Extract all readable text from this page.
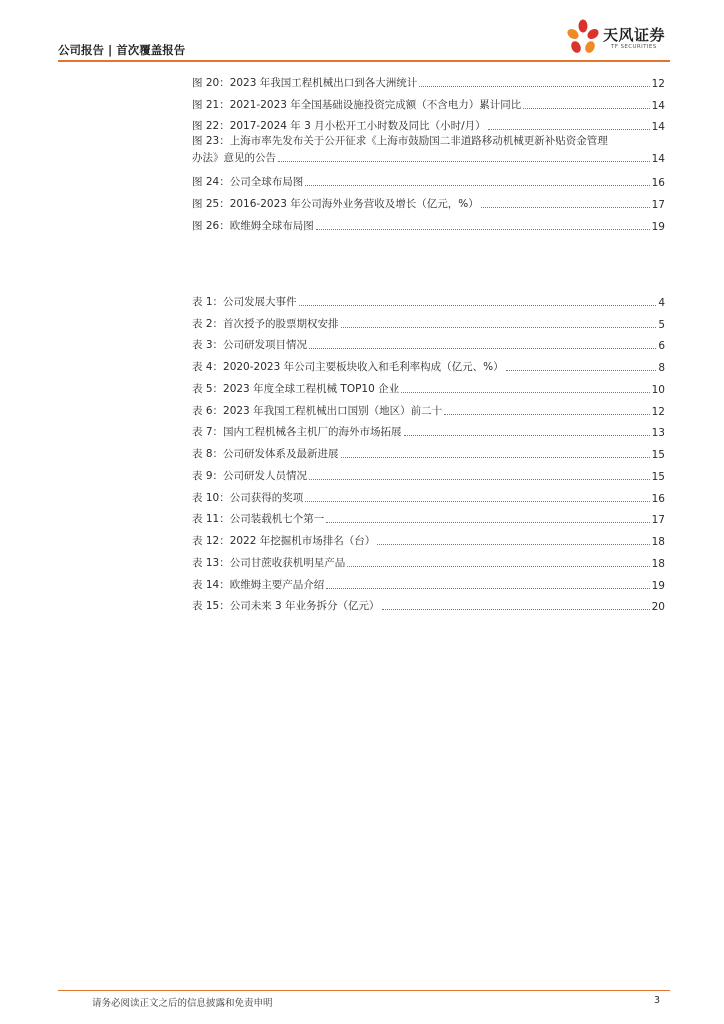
公司报告 | 首次覆盖报告
天风证券
TF SECURITIES
图 20：2023 年我国工程机械出口到各大洲统计	12
图 21：2021-2023 年全国基础设施投资完成额（不含电力）累计同比	14
图 22：2017-2024 年 3 月小松开工小时数及同比（小时/月）	14
图 23：上海市率先发布关于公开征求《上海市鼓励国二非道路移动机械更新补贴资金管理
办法》意见的公告	14
图 24：公司全球布局图	16
图 25：2016-2023 年公司海外业务营收及增长（亿元，%）	17
图 26：欧维姆全球布局图	19
表 1：公司发展大事件	4
表 2：首次授予的股票期权安排	5
表 3：公司研发项目情况	6
表 4：2020-2023 年公司主要板块收入和毛利率构成（亿元、%）	8
表 5：2023 年度全球工程机械 TOP10 企业	10
表 6：2023 年我国工程机械出口国别（地区）前二十	12
表 7：国内工程机械各主机厂的海外市场拓展	13
表 8：公司研发体系及最新进展	15
表 9：公司研发人员情况	15
表 10：公司获得的奖项	16
表 11：公司装载机七个第一	17
表 12：2022 年挖掘机市场排名（台）	18
表 13：公司甘蔗收获机明星产品	18
表 14：欧维姆主要产品介绍	19
表 15：公司未来 3 年业务拆分（亿元）	20
请务必阅读正文之后的信息披露和免责申明	3
